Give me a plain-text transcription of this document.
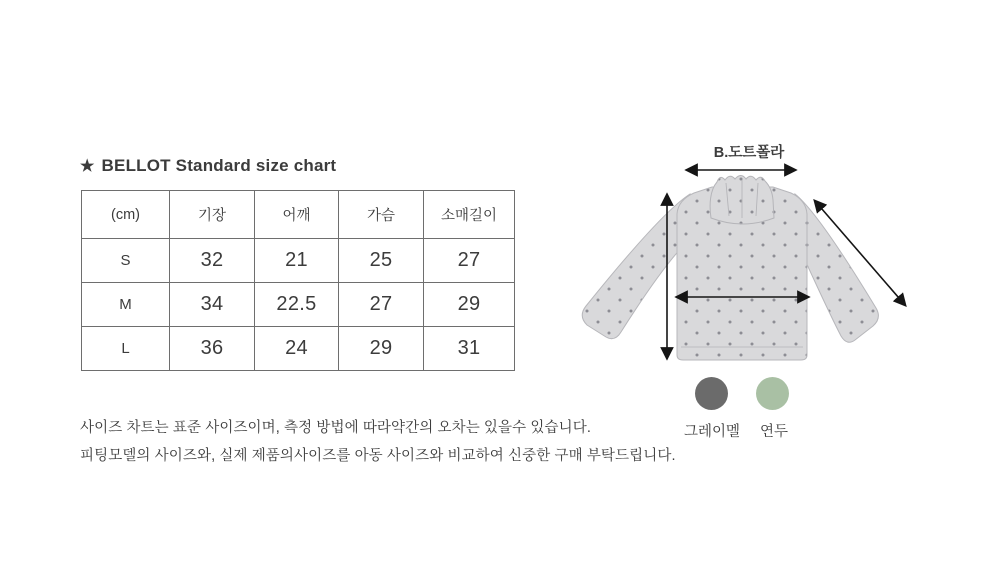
★ BELLOT Standard size chart
(cm)	기장	어깨	가슴	소매길이
S	32	21	25	27
M	34	22.5	27	29
L	36	24	29	31
B.도트폴라
그레이멜 연두
사이즈 차트는 표준 사이즈이며, 측정 방법에 따라약간의 오차는 있을수 있습니다.
피팅모델의 사이즈와, 실제 제품의사이즈를 아동 사이즈와 비교하여 신중한 구매 부탁드립니다.
